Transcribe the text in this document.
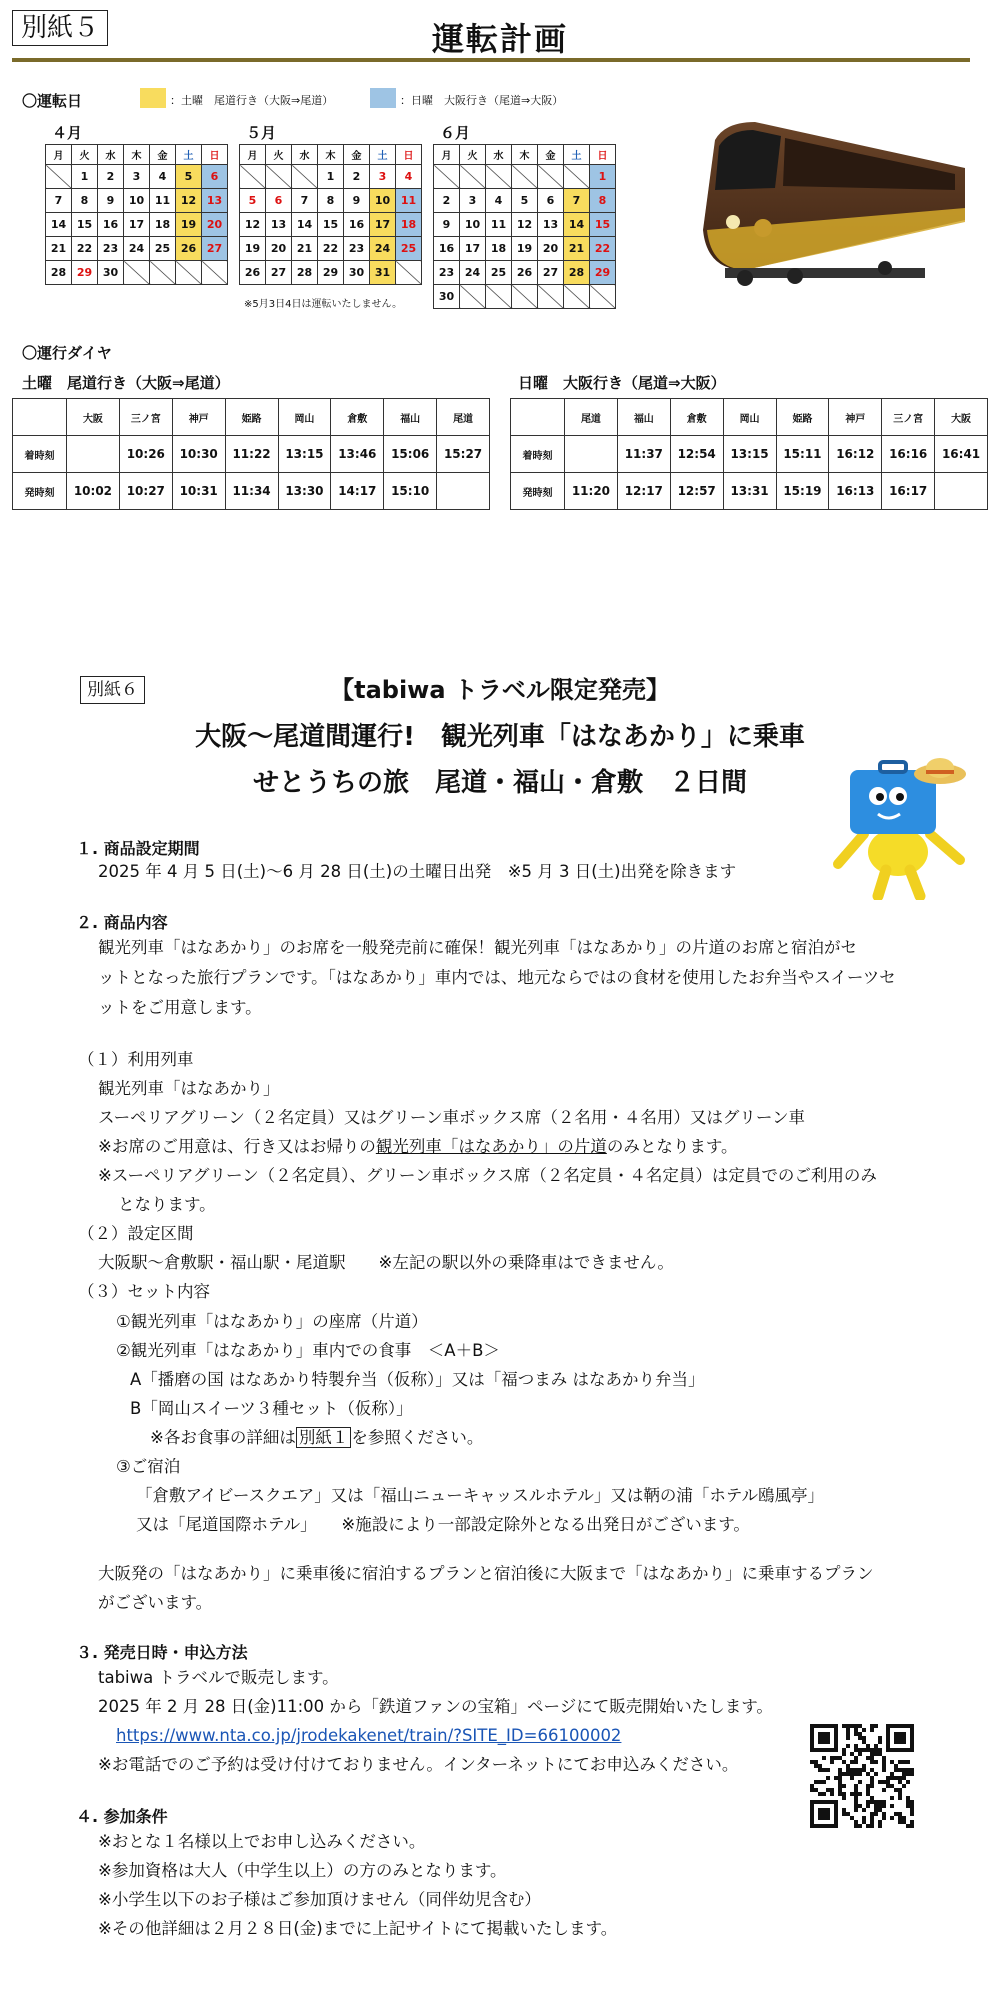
別紙５	運転計画
〇運転日	：土曜　尾道行き（大阪⇒尾道）	：日曜　大阪行き（尾道⇒大阪）
４月	５月	６月
月	火	水	木	金	土	日
	1	2	3	4	5	6
7	8	9	10	11	12	13
14	15	16	17	18	19	20
21	22	23	24	25	26	27
28	29	30				
月	火	水	木	金	土	日
			1	2	3	4
5	6	7	8	9	10	11
12	13	14	15	16	17	18
19	20	21	22	23	24	25
26	27	28	29	30	31	
月	火	水	木	金	土	日
						1
2	3	4	5	6	7	8
9	10	11	12	13	14	15
16	17	18	19	20	21	22
23	24	25	26	27	28	29
30						
※5月3日4日は運転いたしません。
〇運行ダイヤ
土曜　尾道行き（大阪⇒尾道）	日曜　大阪行き（尾道⇒大阪）
	大阪	三ノ宮	神戸	姫路	岡山	倉敷	福山	尾道
着時刻		10:26	10:30	11:22	13:15	13:46	15:06	15:27
発時刻	10:02	10:27	10:31	11:34	13:30	14:17	15:10	
	尾道	福山	倉敷	岡山	姫路	神戸	三ノ宮	大阪
着時刻		11:37	12:54	13:15	15:11	16:12	16:16	16:41
発時刻	11:20	12:17	12:57	13:31	15:19	16:13	16:17	
別紙６	【tabiwa トラベル限定発売】
大阪～尾道間運行!　観光列車「はなあかり」に乗車
せとうちの旅　尾道・福山・倉敷　２日間
１. 商品設定期間
2025 年 4 月 5 日(土)～6 月 28 日(土)の土曜日出発　※5 月 3 日(土)出発を除きます
２. 商品内容
観光列車「はなあかり」のお席を一般発売前に確保！観光列車「はなあかり」の片道のお席と宿泊がセ
ットとなった旅行プランです。「はなあかり」車内では、地元ならではの食材を使用したお弁当やスイーツセ
ットをご用意します。
（１）利用列車
観光列車「はなあかり」
スーペリアグリーン（２名定員）又はグリーン車ボックス席（２名用・４名用）又はグリーン車
※お席のご用意は、行き又はお帰りの観光列車「はなあかり」の片道のみとなります。
※スーペリアグリーン（２名定員）、グリーン車ボックス席（２名定員・４名定員）は定員でのご利用のみ
となります。
（２）設定区間
大阪駅～倉敷駅・福山駅・尾道駅　　※左記の駅以外の乗降車はできません。
（３）セット内容
①観光列車「はなあかり」の座席（片道）
②観光列車「はなあかり」車内での食事　＜A＋B＞
A「播磨の国 はなあかり特製弁当（仮称）」又は「福つまみ はなあかり弁当」
B「岡山スイーツ３種セット（仮称）」
※各お食事の詳細は 別紙１ を参照ください。
③ご宿泊
「倉敷アイビースクエア」又は「福山ニューキャッスルホテル」又は鞆の浦「ホテル鴎風亭」
又は「尾道国際ホテル」　　※施設により一部設定除外となる出発日がございます。
大阪発の「はなあかり」に乗車後に宿泊するプランと宿泊後に大阪まで「はなあかり」に乗車するプラン
がございます。
３. 発売日時・申込方法
tabiwa トラベルで販売します。
2025 年 2 月 28 日(金)11:00 から「鉄道ファンの宝箱」ページにて販売開始いたします。
https://www.nta.co.jp/jrodekakenet/train/?SITE_ID=66100002
※お電話でのご予約は受け付けておりません。インターネットにてお申込みください。
４. 参加条件
※おとな１名様以上でお申し込みください。
※参加資格は大人（中学生以上）の方のみとなります。
※小学生以下のお子様はご参加頂けません（同伴幼児含む）
※その他詳細は２月２８日(金)までに上記サイトにて掲載いたします。
